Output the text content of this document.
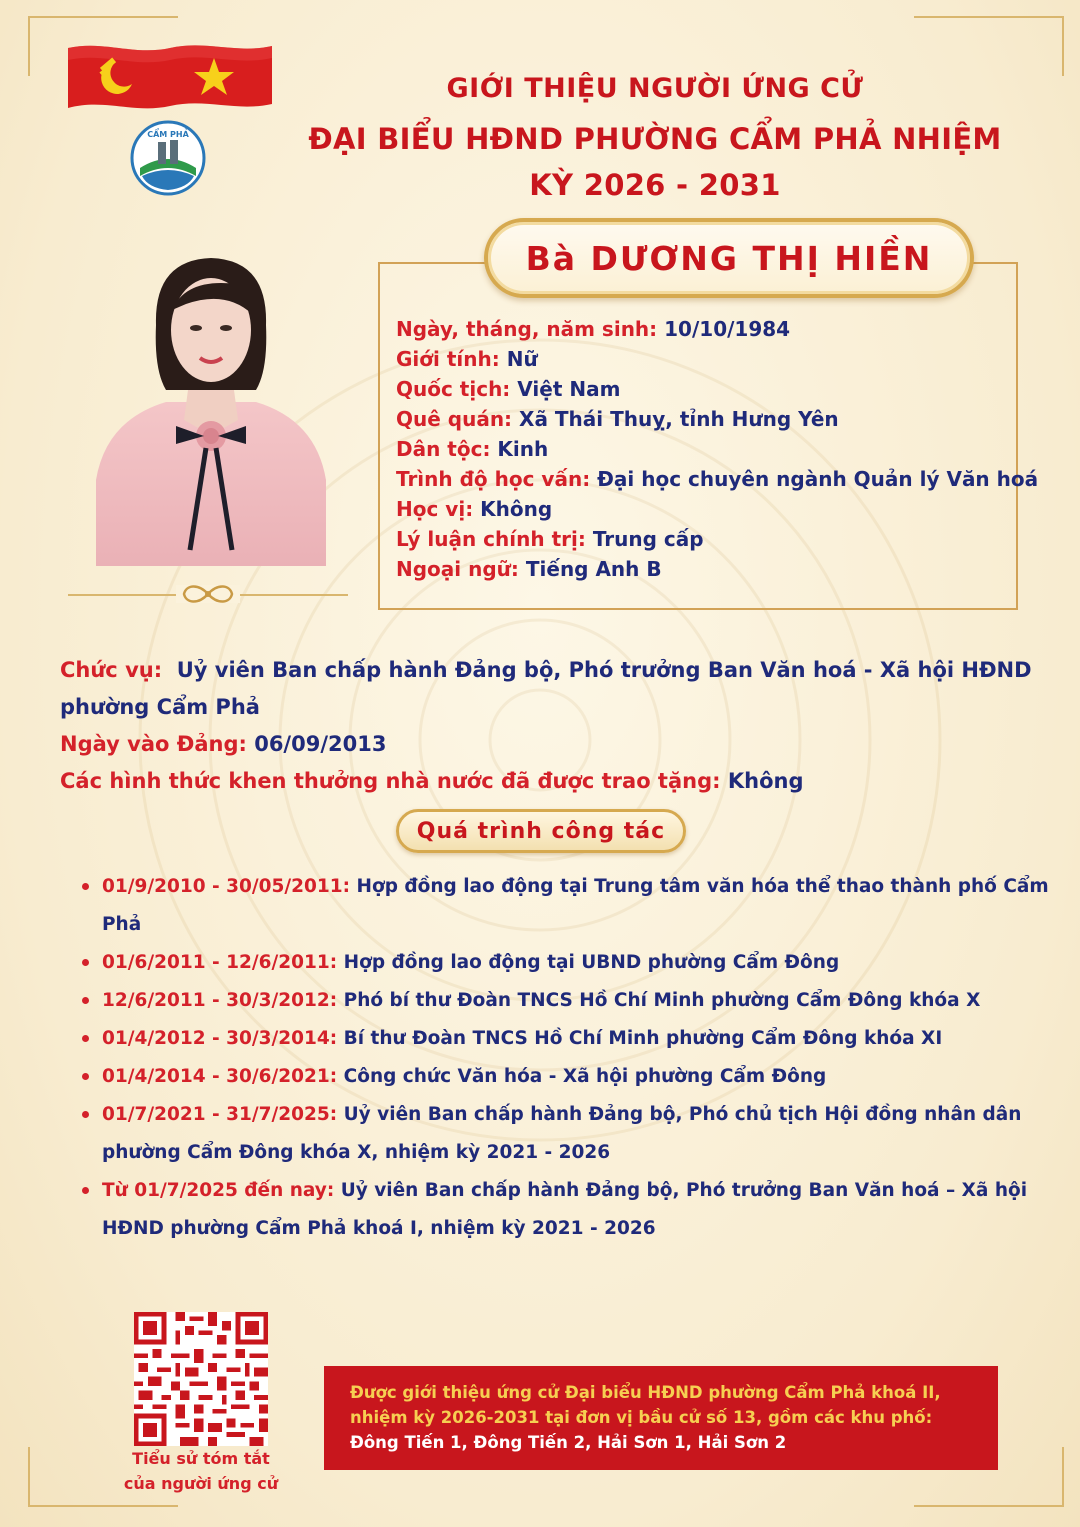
CẨM PHẢ
GIỚI THIỆU NGƯỜI ỨNG CỬ
ĐẠI BIỂU HĐND PHƯỜNG CẨM PHẢ NHIỆM KỲ 2026 - 2031
Bà DƯƠNG THỊ HIỀN
Ngày, tháng, năm sinh: 10/10/1984
Giới tính: Nữ
Quốc tịch: Việt Nam
Quê quán: Xã Thái Thuỵ, tỉnh Hưng Yên
Dân tộc: Kinh
Trình độ học vấn: Đại học chuyên ngành Quản lý Văn hoá
Học vị: Không
Lý luận chính trị: Trung cấp
Ngoại ngữ: Tiếng Anh B
Chức vụ: Uỷ viên Ban chấp hành Đảng bộ, Phó trưởng Ban Văn hoá - Xã hội HĐND phường Cẩm Phả
Ngày vào Đảng: 06/09/2013
Các hình thức khen thưởng nhà nước đã được trao tặng: Không
Quá trình công tác
01/9/2010 - 30/05/2011: Hợp đồng lao động tại Trung tâm văn hóa thể thao thành phố Cẩm Phả
01/6/2011 - 12/6/2011: Hợp đồng lao động tại UBND phường Cẩm Đông
12/6/2011 - 30/3/2012: Phó bí thư Đoàn TNCS Hồ Chí Minh phường Cẩm Đông khóa X
01/4/2012 - 30/3/2014: Bí thư Đoàn TNCS Hồ Chí Minh phường Cẩm Đông khóa XI
01/4/2014 - 30/6/2021: Công chức Văn hóa - Xã hội phường Cẩm Đông
01/7/2021 - 31/7/2025: Uỷ viên Ban chấp hành Đảng bộ, Phó chủ tịch Hội đồng nhân dân phường Cẩm Đông khóa X, nhiệm kỳ 2021 - 2026
Từ 01/7/2025 đến nay: Uỷ viên Ban chấp hành Đảng bộ, Phó trưởng Ban Văn hoá – Xã hội HĐND phường Cẩm Phả khoá I, nhiệm kỳ 2021 - 2026
Tiểu sử tóm tắt
của người ứng cử
Được giới thiệu ứng cử Đại biểu HĐND phường Cẩm Phả khoá II, nhiệm kỳ 2026-2031 tại đơn vị bầu cử số 13, gồm các khu phố:
Đông Tiến 1, Đông Tiến 2, Hải Sơn 1, Hải Sơn 2
